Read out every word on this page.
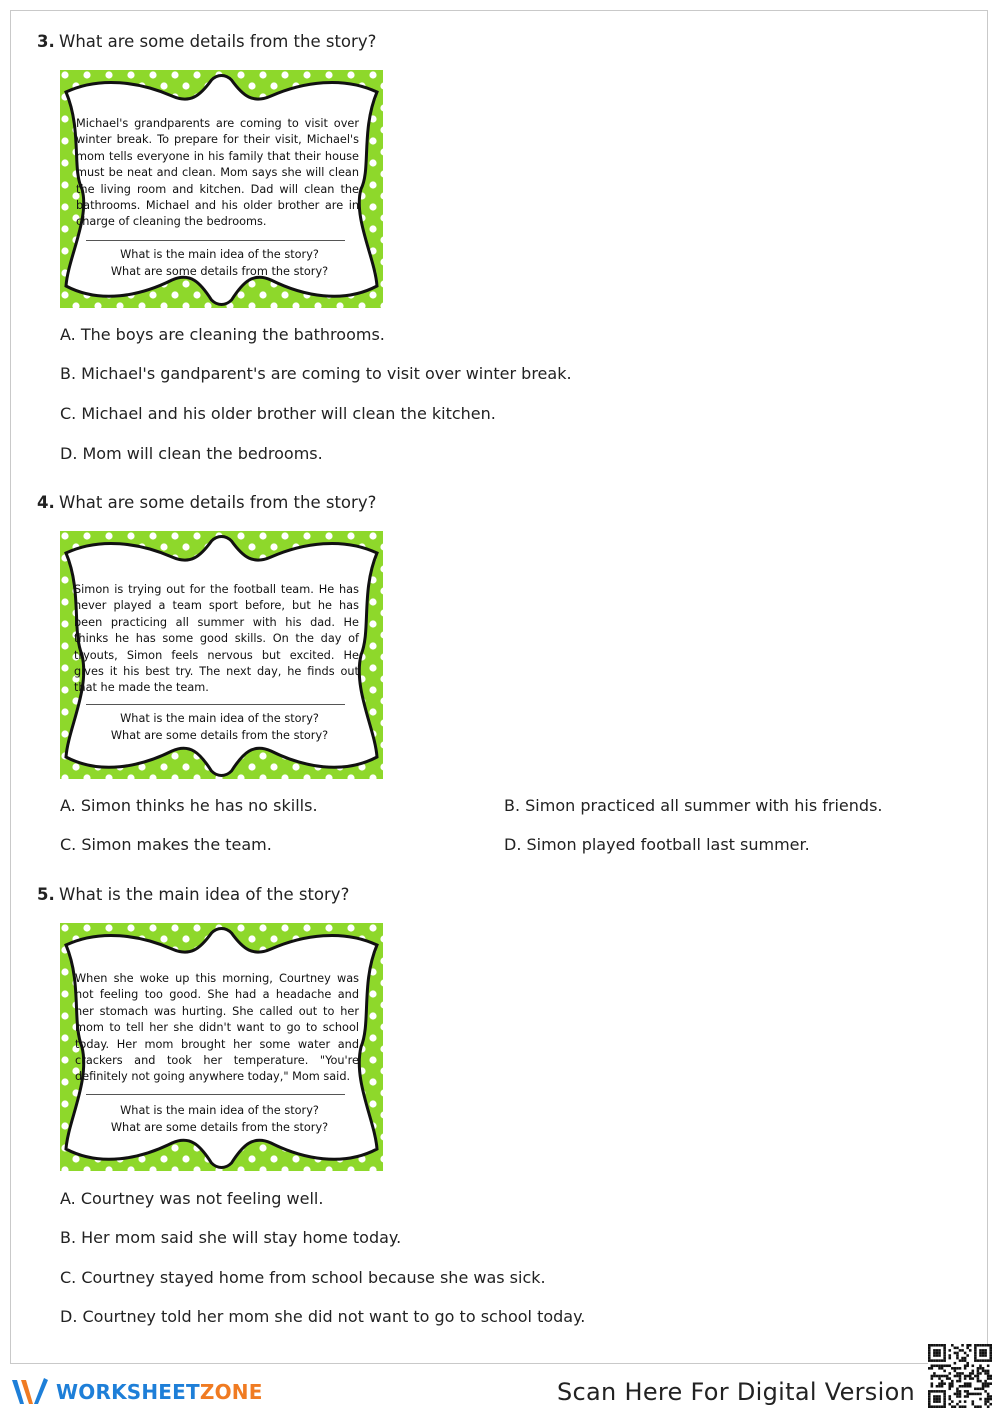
3. What are some details from the story?
Michael's grandparents are coming to visit over winter break. To prepare for their visit, Michael's mom tells everyone in his family that their house must be neat and clean. Mom says she will clean the living room and kitchen. Dad will clean the bathrooms. Michael and his older brother are in charge of cleaning the bedrooms.
What is the main idea of the story?
What are some details from the story?
A. The boys are cleaning the bathrooms.
B. Michael's gandparent's are coming to visit over winter break.
C. Michael and his older brother will clean the kitchen.
D. Mom will clean the bedrooms.
4. What are some details from the story?
Simon is trying out for the football team. He has never played a team sport before, but he has been practicing all summer with his dad. He thinks he has some good skills. On the day of tryouts, Simon feels nervous but excited. He gives it his best try. The next day, he finds out that he made the team.
What is the main idea of the story?
What are some details from the story?
A. Simon thinks he has no skills.	B. Simon practiced all summer with his friends.
C. Simon makes the team.	D. Simon played football last summer.
5. What is the main idea of the story?
When she woke up this morning, Courtney was not feeling too good. She had a headache and her stomach was hurting. She called out to her mom to tell her she didn't want to go to school today. Her mom brought her some water and crackers and took her temperature. "You're definitely not going anywhere today," Mom said.
What is the main idea of the story?
What are some details from the story?
A. Courtney was not feeling well.
B. Her mom said she will stay home today.
C. Courtney stayed home from school because she was sick.
D. Courtney told her mom she did not want to go to school today.
WORKSHEETZONE	Scan Here For Digital Version
